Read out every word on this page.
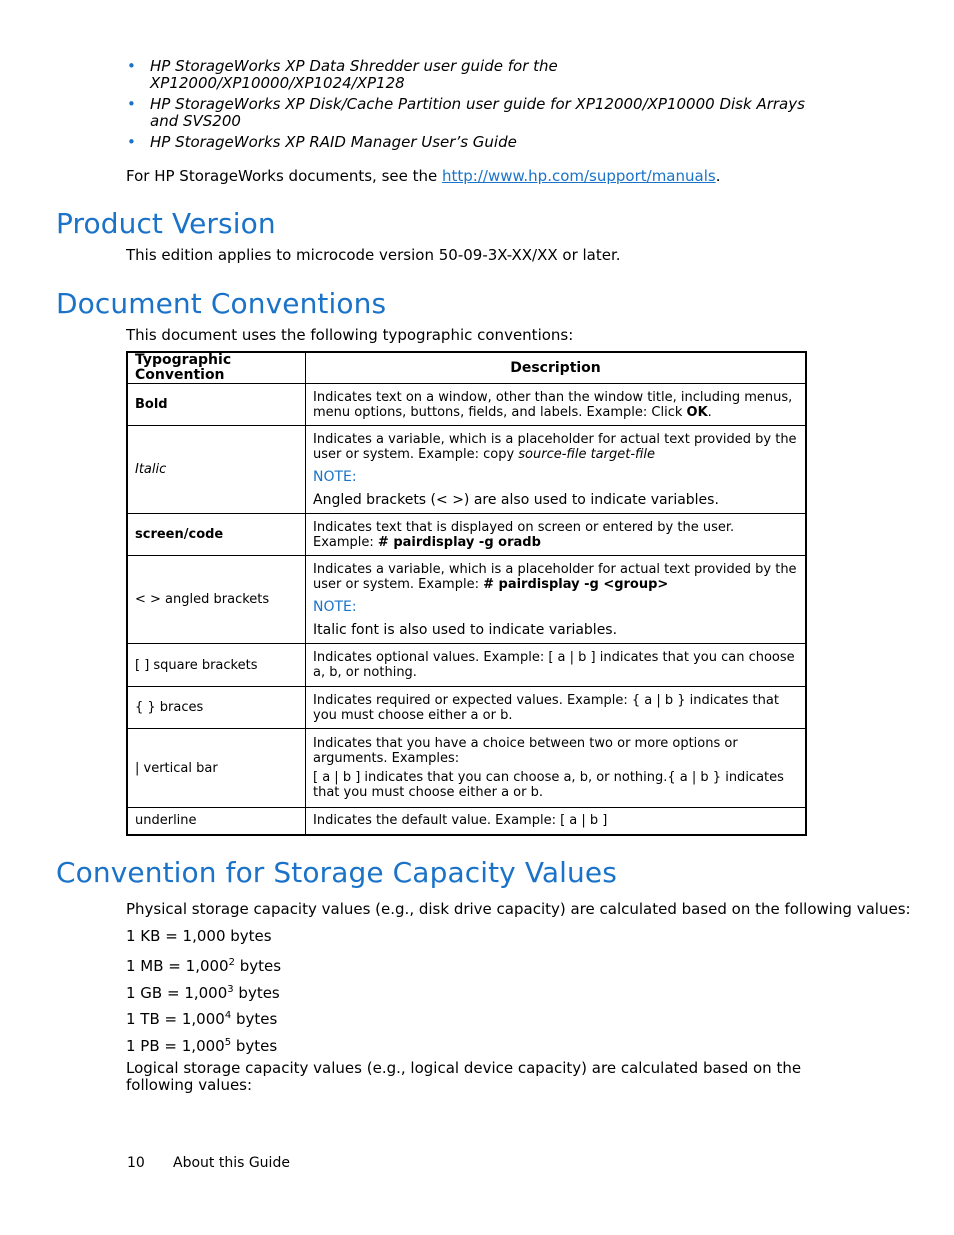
• HP StorageWorks XP Data Shredder user guide for the XP12000/XP10000/XP1024/XP128
• HP StorageWorks XP Disk/Cache Partition user guide for XP12000/XP10000 Disk Arrays and SVS200
• HP StorageWorks XP RAID Manager User’s Guide

For HP StorageWorks documents, see the http://www.hp.com/support/manuals.

Product Version

This edition applies to microcode version 50-09-3X-XX/XX or later.

Document Conventions

This document uses the following typographic conventions:

Typographic Convention	Description
Bold	Indicates text on a window, other than the window title, including menus, menu options, buttons, fields, and labels. Example: Click OK.
Italic	Indicates a variable, which is a placeholder for actual text provided by the user or system. Example: copy source-file target-file
NOTE:
Angled brackets (< >) are also used to indicate variables.

screen/code	Indicates text that is displayed on screen or entered by the user. Example: # pairdisplay -g oradb
< > angled brackets	Indicates a variable, which is a placeholder for actual text provided by the user or system. Example: # pairdisplay -g <group>
NOTE:
Italic font is also used to indicate variables.

[ ] square brackets	Indicates optional values. Example: [ a | b ] indicates that you can choose a, b, or nothing.
{ } braces	Indicates required or expected values. Example: { a | b } indicates that you must choose either a or b.
| vertical bar	Indicates that you have a choice between two or more options or arguments. Examples:
[ a | b ] indicates that you can choose a, b, or nothing.{ a | b } indicates that you must choose either a or b.

underline	Indicates the default value. Example: [ a | b ]
Convention for Storage Capacity Values

Physical storage capacity values (e.g., disk drive capacity) are calculated based on the following values:

1 KB = 1,000 bytes

1 MB = $1,000^2$ bytes

1 GB = $1,000^3$ bytes

1 TB = $1,000^4$ bytes

1 PB = $1,000^5$ bytes

Logical storage capacity values (e.g., logical device capacity) are calculated based on the following values:

10 About this Guide
